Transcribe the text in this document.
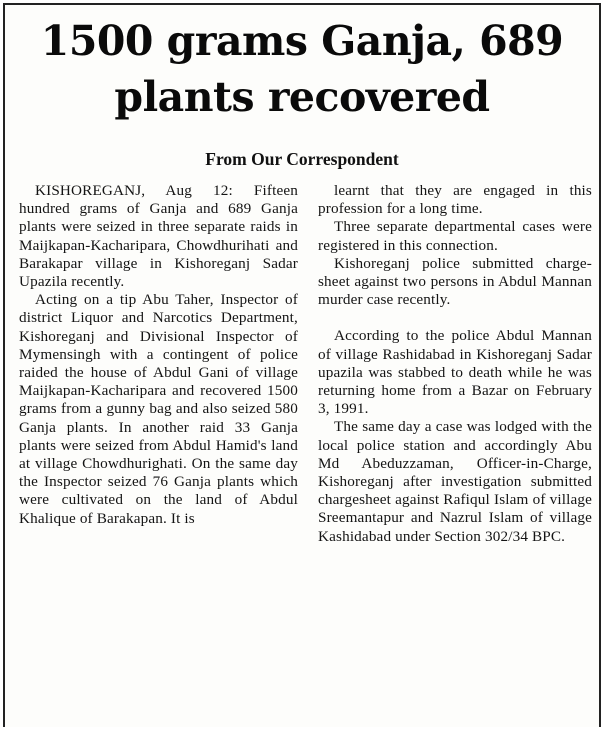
1500 grams Ganja, 689
plants recovered
From Our Correspondent

KISHOREGANJ, Aug 12: Fifteen hundred grams of Ganja and 689 Ganja plants were seized in three separate raids in Maijkapan-Kacharipara, Chowdhurihati and Barakapar village in Kishoreganj Sadar Upazila recently.

Acting on a tip Abu Taher, Inspector of district Liquor and Narcotics Department, Kishoreganj and Divisional Inspector of Mymensingh with a contingent of police raided the house of Abdul Gani of village Maijkapan-Kacharipara and recovered 1500 grams from a gunny bag and also seized 580 Ganja plants. In another raid 33 Ganja plants were seized from Abdul Hamid's land at village Chowdhurighati. On the same day the Inspector seized 76 Ganja plants which were cultivated on the land of Abdul Khalique of Barakapan. It is

learnt that they are engaged in this profession for a long time.

Three separate departmental cases were registered in this connection.

Kishoreganj police submitted charge-sheet against two persons in Abdul Mannan murder case recently.

According to the police Abdul Mannan of village Rashidabad in Kishoreganj Sadar upazila was stabbed to death while he was returning home from a Bazar on February 3, 1991.

The same day a case was lodged with the local police station and accordingly Abu Md Abeduzzaman, Officer-in-Charge, Kishoreganj after investigation submitted chargesheet against Rafiqul Islam of village Sreemantapur and Nazrul Islam of village Kashidabad under Section 302/34 BPC.
